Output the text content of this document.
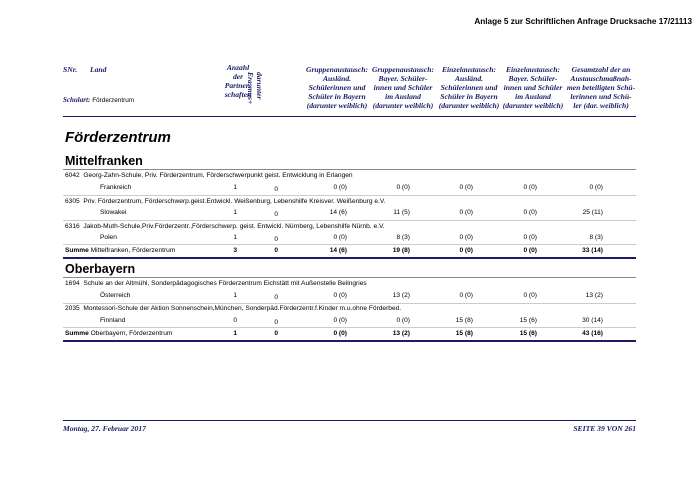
Anlage 5 zur Schriftlichen Anfrage Drucksache 17/21113
SNr. Land
Schulart: Förderzentrum
Anzahl
der
Partner-
schaften darunter
Erasmus+
Gruppenaustausch:
Ausländ.
Schülerinnen und
Schüler in Bayern
(darunter weiblich)
Gruppenaustausch:
Bayer. Schüler-
innen und Schüler
im Ausland
(darunter weiblich)
Einzelaustausch:
Ausländ.
Schülerinnen und
Schüler in Bayern
(darunter weiblich)
Einzelaustausch:
Bayer. Schüler-
innen und Schüler
im Ausland
(darunter weiblich)
Gesamtzahl der an
Austauschmaßnah-
men beteiligten Schü-
lerinnen und Schü-
ler (dar. weiblich)
Förderzentrum
Mittelfranken
6042 Georg-Zahn-Schule, Priv. Förderzentrum, Förderschwerpunkt geist. Entwicklung in Erlangen
Frankreich	1	0	0 (0)	0 (0)	0 (0)	0 (0)	0 (0)
6305 Priv. Förderzentrum, Förderschwerp.geist.Entwickl. Weißenburg, Lebenshilfe Kreisver. Weißenburg e.V.
Slowakei	1	0	14 (6)	11 (5)	0 (0)	0 (0)	25 (11)
6316 Jakob-Muth-Schule,Priv.Förderzentr.,Förderschwerp. geist. Entwickl. Nürnberg, Lebenshilfe Nürnb. e.V.
Polen	1	0	0 (0)	8 (3)	0 (0)	0 (0)	8 (3)
Summe Mittelfranken, Förderzentrum	3	0	14 (6)	19 (8)	0 (0)	0 (0)	33 (14)
Oberbayern
1694 Schule an der Altmühl, Sonderpädagogisches Förderzentrum Eichstätt mit Außenstelle Beilngries
Österreich	1	0	0 (0)	13 (2)	0 (0)	0 (0)	13 (2)
2035 Montessori-Schule der Aktion Sonnenschein,München, Sonderpäd.Förderzentr.f.Kinder m.u.ohne Förderbed.
Finnland	0	0	0 (0)	0 (0)	15 (8)	15 (6)	30 (14)
Summe Oberbayern, Förderzentrum	1	0	0 (0)	13 (2)	15 (8)	15 (6)	43 (16)
Montag, 27. Februar 2017	SEITE 39 VON 261
